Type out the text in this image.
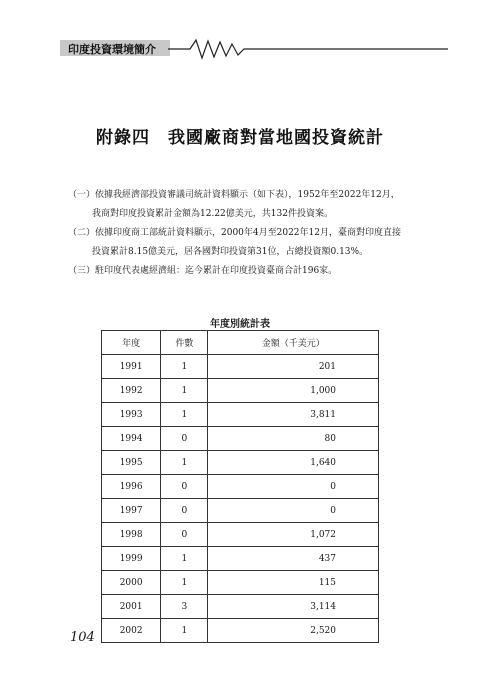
印度投資環境簡介
附錄四　我國廠商對當地國投資統計
（一）依據我經濟部投資審議司統計資料顯示（如下表），1952年至2022年12月，
我商對印度投資累計金額為12.22億美元，共132件投資案。
（二）依據印度商工部統計資料顯示，2000年4月至2022年12月，臺商對印度直接
投資累計8.15億美元，居各國對印投資第31位，占總投資額0.13%。
（三）駐印度代表處經濟組：迄今累計在印度投資臺商合計196家。
年度別統計表
年度	件數	金額（千美元）
1991	1	201
1992	1	1,000
1993	1	3,811
1994	0	80
1995	1	1,640
1996	0	0
1997	0	0
1998	0	1,072
1999	1	437
2000	1	115
2001	3	3,114
2002	1	2,520
104
